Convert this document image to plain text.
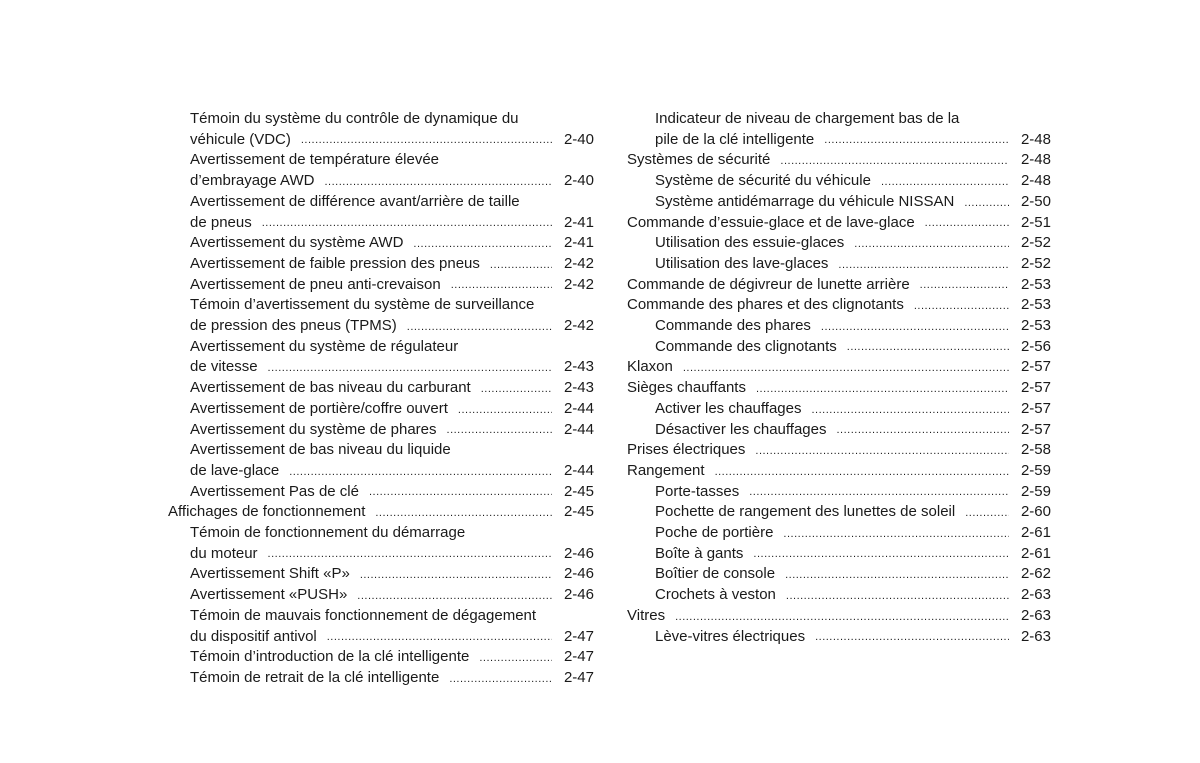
Témoin du système du contrôle de dynamique du
véhicule (VDC) .....	2-40
Avertissement de température élevée
d’embrayage AWD .....	2-40
Avertissement de différence avant/arrière de taille
de pneus .....	2-41
Avertissement du système AWD .....	2-41
Avertissement de faible pression des pneus .....	2-42
Avertissement de pneu anti-crevaison .....	2-42
Témoin d’avertissement du système de surveillance
de pression des pneus (TPMS) .....	2-42
Avertissement du système de régulateur
de vitesse .....	2-43
Avertissement de bas niveau du carburant .....	2-43
Avertissement de portière/coffre ouvert .....	2-44
Avertissement du système de phares .....	2-44
Avertissement de bas niveau du liquide
de lave-glace .....	2-44
Avertissement Pas de clé .....	2-45
Affichages de fonctionnement .....	2-45
Témoin de fonctionnement du démarrage
du moteur .....	2-46
Avertissement Shift «P» .....	2-46
Avertissement «PUSH» .....	2-46
Témoin de mauvais fonctionnement de dégagement
du dispositif antivol .....	2-47
Témoin d’introduction de la clé intelligente .....	2-47
Témoin de retrait de la clé intelligente .....	2-47
Indicateur de niveau de chargement bas de la
pile de la clé intelligente .....	2-48
Systèmes de sécurité .....	2-48
Système de sécurité du véhicule .....	2-48
Système antidémarrage du véhicule NISSAN .....	2-50
Commande d’essuie-glace et de lave-glace .....	2-51
Utilisation des essuie-glaces .....	2-52
Utilisation des lave-glaces .....	2-52
Commande de dégivreur de lunette arrière .....	2-53
Commande des phares et des clignotants .....	2-53
Commande des phares .....	2-53
Commande des clignotants .....	2-56
Klaxon .....	2-57
Sièges chauffants .....	2-57
Activer les chauffages .....	2-57
Désactiver les chauffages .....	2-57
Prises électriques .....	2-58
Rangement .....	2-59
Porte-tasses .....	2-59
Pochette de rangement des lunettes de soleil .....	2-60
Poche de portière .....	2-61
Boîte à gants .....	2-61
Boîtier de console .....	2-62
Crochets à veston .....	2-63
Vitres .....	2-63
Lève-vitres électriques .....	2-63
